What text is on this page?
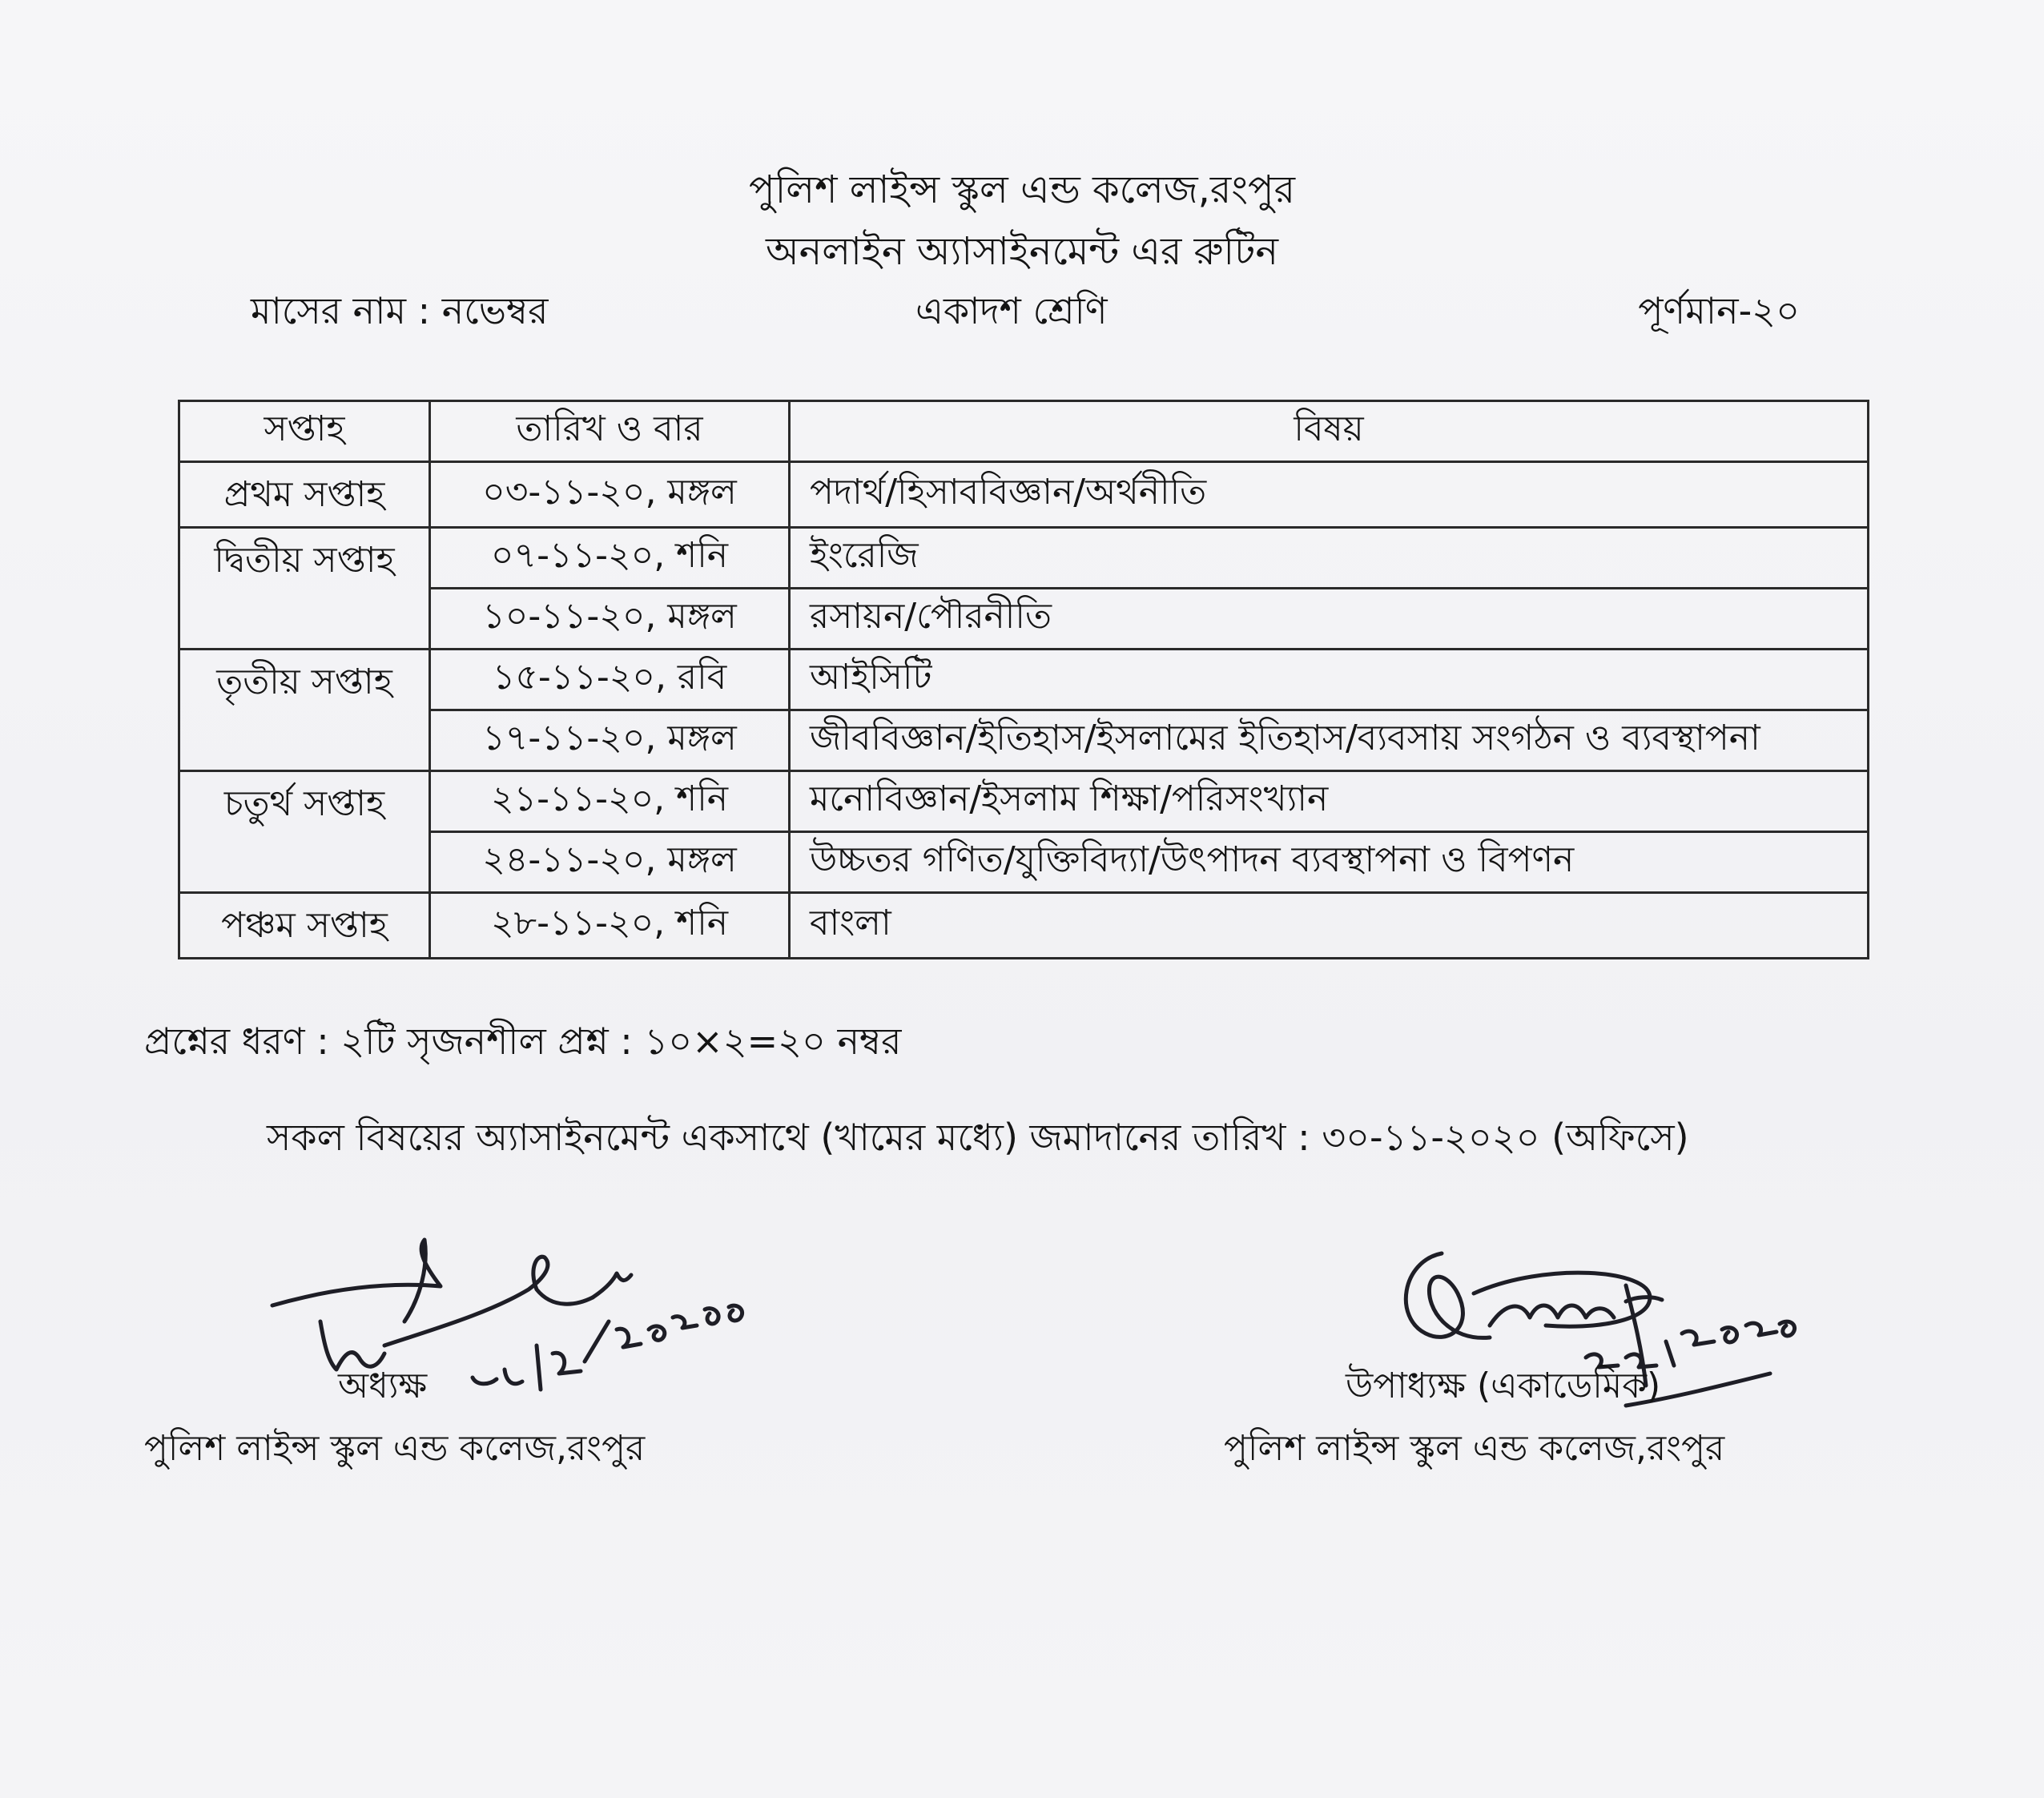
পুলিশ লাইন্স স্কুল এন্ড কলেজ,রংপুর
অনলাইন অ্যাসাইনমেন্ট এর রুটিন
মাসের নাম : নভেম্বর	একাদশ শ্রেণি	পূর্ণমান-২০
সপ্তাহ	তারিখ ও বার	বিষয়
প্রথম সপ্তাহ	০৩-১১-২০, মঙ্গল	পদার্থ/হিসাববিজ্ঞান/অর্থনীতি
দ্বিতীয় সপ্তাহ	০৭-১১-২০, শনি	ইংরেজি
	১০-১১-২০, মঙ্গল	রসায়ন/পৌরনীতি
তৃতীয় সপ্তাহ	১৫-১১-২০, রবি	আইসিটি
	১৭-১১-২০, মঙ্গল	জীববিজ্ঞান/ইতিহাস/ইসলামের ইতিহাস/ব্যবসায় সংগঠন ও ব্যবস্থাপনা
চতুর্থ সপ্তাহ	২১-১১-২০, শনি	মনোবিজ্ঞান/ইসলাম শিক্ষা/পরিসংখ্যান
	২৪-১১-২০, মঙ্গল	উচ্চতর গণিত/যুক্তিবিদ্যা/উৎপাদন ব্যবস্থাপনা ও বিপণন
পঞ্চম সপ্তাহ	২৮-১১-২০, শনি	বাংলা
প্রশ্নের ধরণ : ২টি সৃজনশীল প্রশ্ন : ১০×২=২০ নম্বর
সকল বিষয়ের অ্যাসাইনমেন্ট একসাথে (খামের মধ্যে) জমাদানের তারিখ : ৩০-১১-২০২০ (অফিসে)
অধ্যক্ষ
পুলিশ লাইন্স স্কুল এন্ড কলেজ,রংপুর
উপাধ্যক্ষ (একাডেমিক)
পুলিশ লাইন্স স্কুল এন্ড কলেজ,রংপুর
